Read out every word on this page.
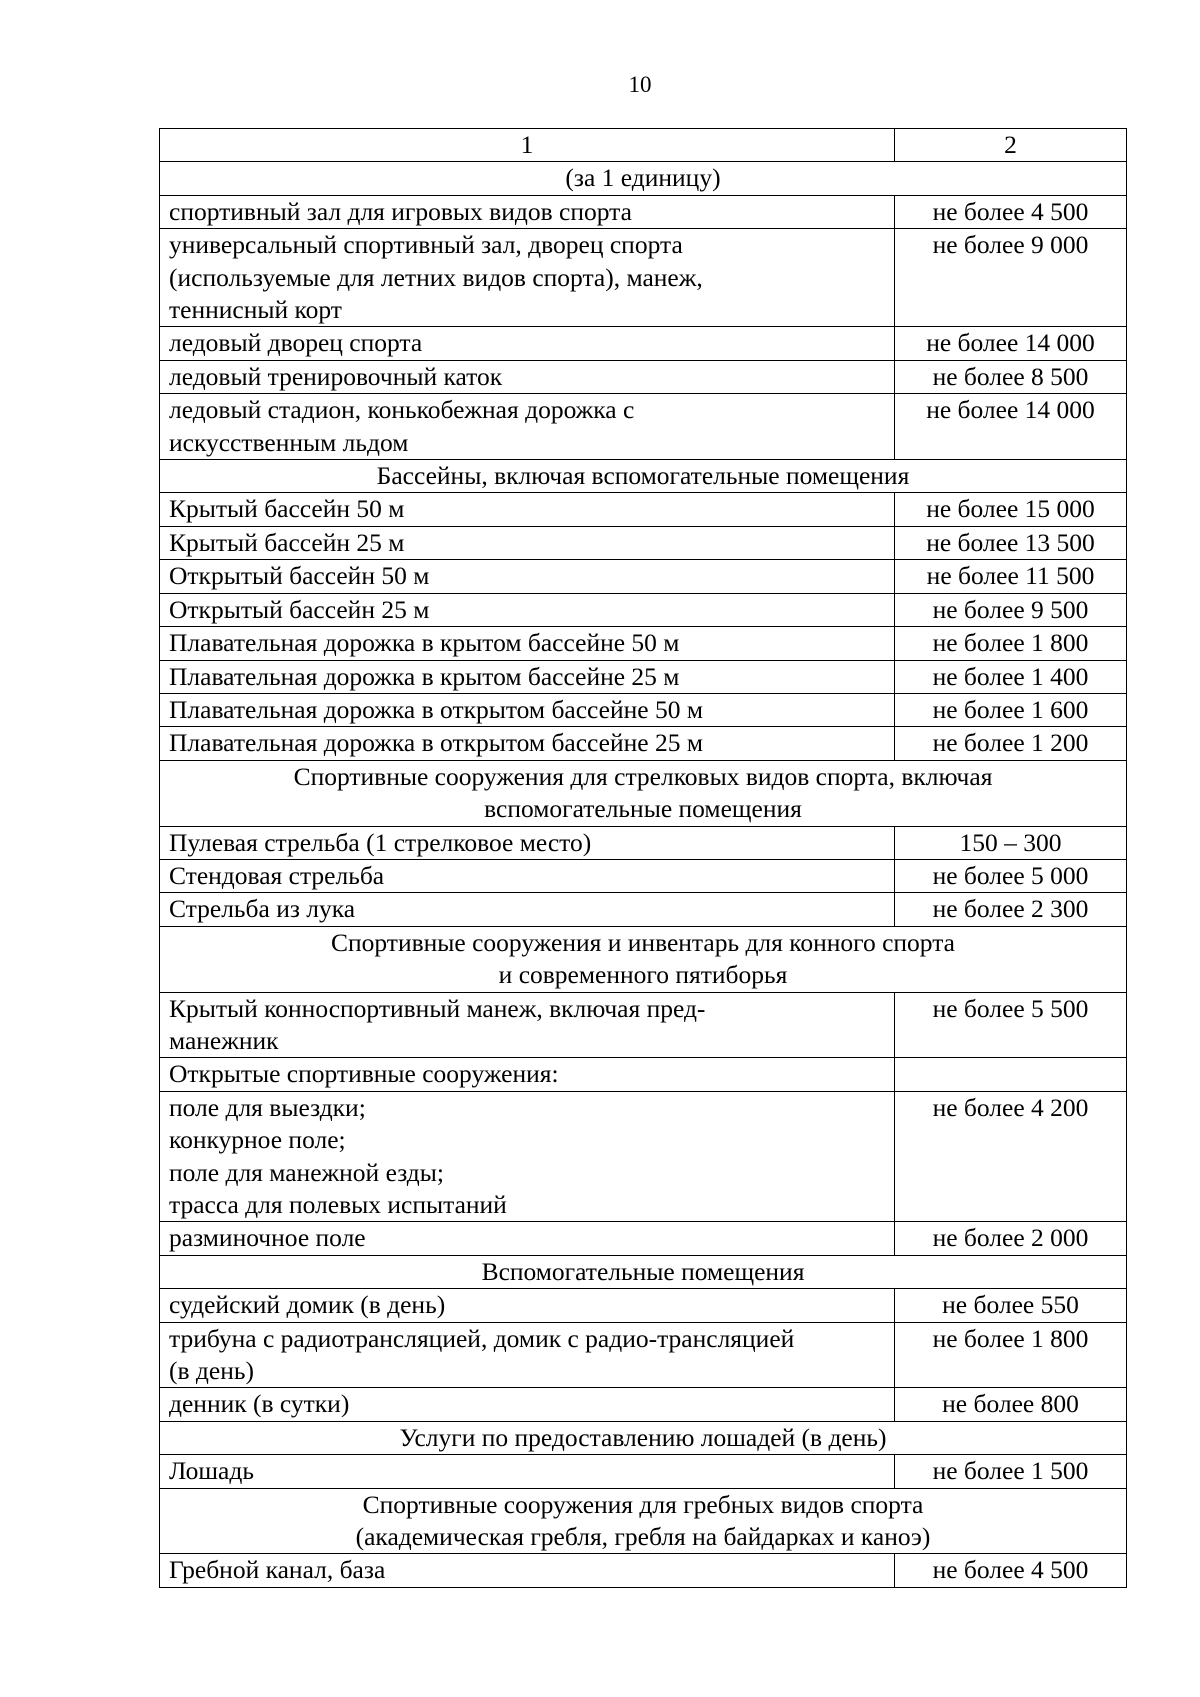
10
1	2

(за 1 единицу)	

спортивный зал для игровых видов спорта	не более 4 500

универсальный спортивный зал, дворец спорта
(используемые для летних видов спорта), манеж,
теннисный корт	не более 9 000

ледовый дворец спорта	не более 14 000

ледовый тренировочный каток	не более 8 500

ледовый стадион, конькобежная дорожка с
искусственным льдом	не более 14 000

Бассейны, включая вспомогательные помещения	

Крытый бассейн 50 м	не более 15 000

Крытый бассейн 25 м	не более 13 500

Открытый бассейн 50 м	не более 11 500

Открытый бассейн 25 м	не более 9 500

Плавательная дорожка в крытом бассейне 50 м	не более 1 800

Плавательная дорожка в крытом бассейне 25 м	не более 1 400

Плавательная дорожка в открытом бассейне 50 м	не более 1 600

Плавательная дорожка в открытом бассейне 25 м	не более 1 200

Спортивные сооружения для стрелковых видов спорта, включая
вспомогательные помещения	

Пулевая стрельба (1 стрелковое место)	150 – 300

Стендовая стрельба	не более 5 000

Стрельба из лука	не более 2 300

Спортивные сооружения и инвентарь для конного спорта
и современного пятиборья	

Крытый конноспортивный манеж, включая пред-
манежник	не более 5 500

Открытые спортивные сооружения:	

поле для выездки;
конкурное поле;
поле для манежной езды;
трасса для полевых испытаний	не более 4 200

разминочное поле	не более 2 000

Вспомогательные помещения	

судейский домик (в день)	не более 550

трибуна с радиотрансляцией, домик с радио-трансляцией
(в день)	не более 1 800

денник (в сутки)	не более 800

Услуги по предоставлению лошадей (в день)	

Лошадь	не более 1 500

Спортивные сооружения для гребных видов спорта
(академическая гребля, гребля на байдарках и каноэ)	

Гребной канал, база	не более 4 500
